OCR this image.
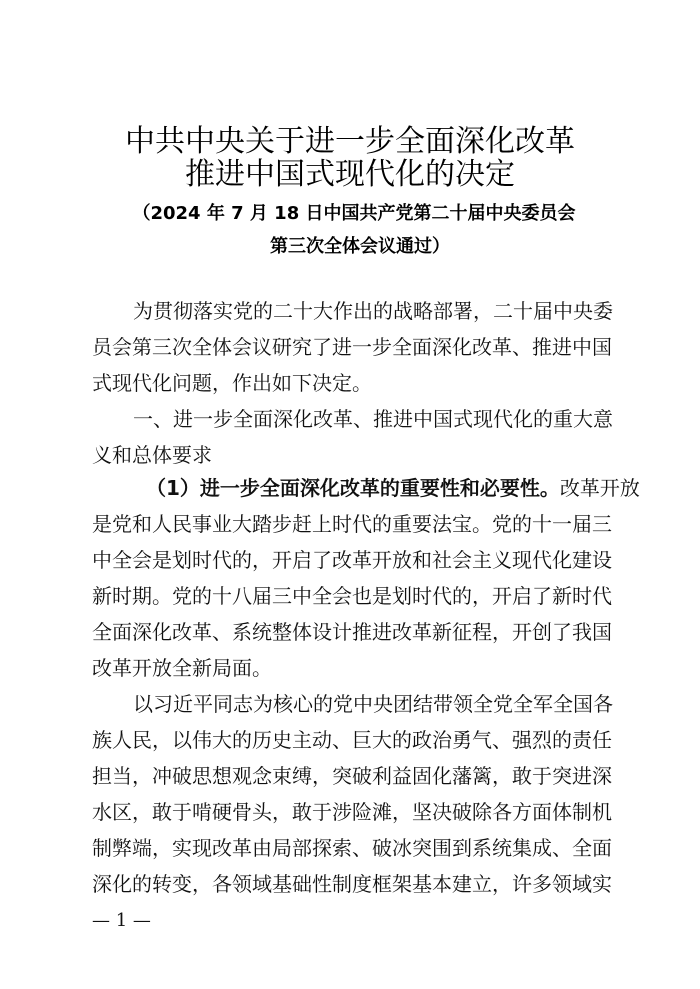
中共中央关于进一步全面深化改革
推进中国式现代化的决定
（2024 年 7 月 18 日中国共产党第二十届中央委员会
第三次全体会议通过）
为贯彻落实党的二十大作出的战略部署，二十届中央委
员会第三次全体会议研究了进一步全面深化改革、推进中国
式现代化问题，作出如下决定。
一、进一步全面深化改革、推进中国式现代化的重大意
义和总体要求
（1）进一步全面深化改革的重要性和必要性。改革开放
是党和人民事业大踏步赶上时代的重要法宝。党的十一届三
中全会是划时代的，开启了改革开放和社会主义现代化建设
新时期。党的十八届三中全会也是划时代的，开启了新时代
全面深化改革、系统整体设计推进改革新征程，开创了我国
改革开放全新局面。
以习近平同志为核心的党中央团结带领全党全军全国各
族人民，以伟大的历史主动、巨大的政治勇气、强烈的责任
担当，冲破思想观念束缚，突破利益固化藩篱，敢于突进深
水区，敢于啃硬骨头，敢于涉险滩，坚决破除各方面体制机
制弊端，实现改革由局部探索、破冰突围到系统集成、全面
深化的转变，各领域基础性制度框架基本建立，许多领域实
— 1 —
